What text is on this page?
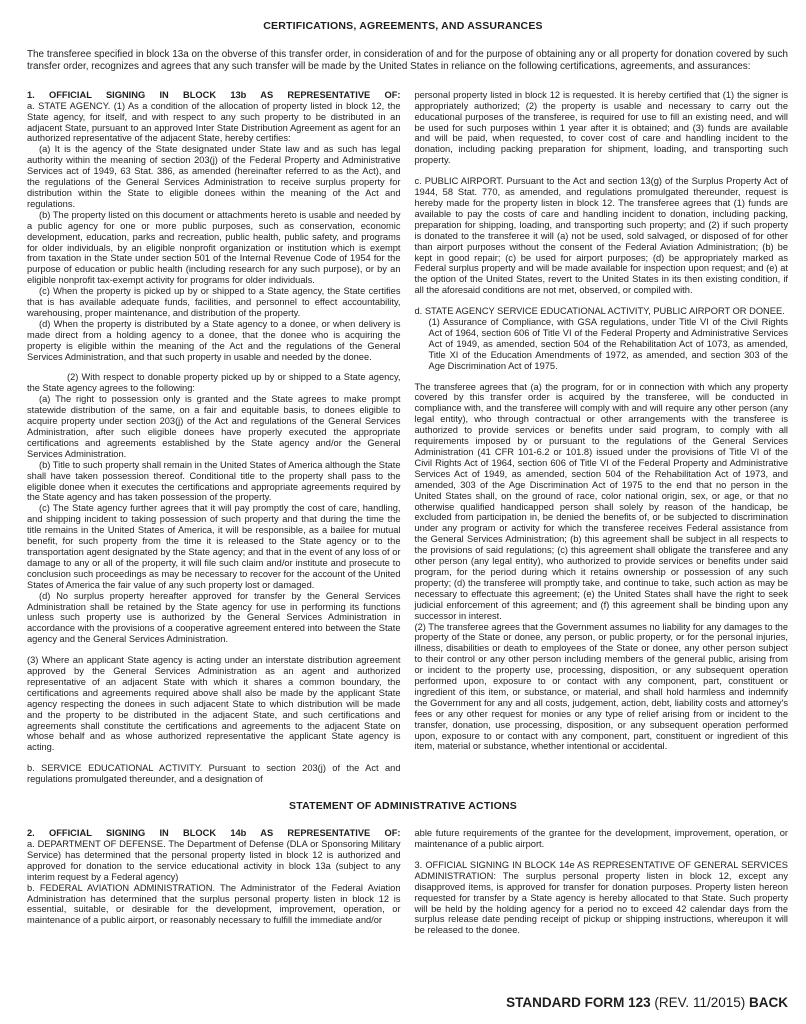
CERTIFICATIONS, AGREEMENTS, AND ASSURANCES
The transferee specified in block 13a on the obverse of this transfer order, in consideration of and for the purpose of obtaining any or all property for donation covered by such transfer order, recognizes and agrees that any such transfer will be made by the United States in reliance on the following certifications, agreements, and assurances:

1. OFFICIAL SIGNING IN BLOCK 13b AS REPRESENTATIVE OF:

a. STATE AGENCY. (1) As a condition of the allocation of property listed in block 12, the State agency, for itself, and with respect to any such property to be distributed in an adjacent State, pursuant to an approved Inter State Distribution Agreement as agent for an authorized representative of the adjacent State, hereby certifies:

(a) It is the agency of the State designated under State law and as such has legal authority within the meaning of section 203(j) of the Federal Property and Administrative Services act of 1949, 63 Stat. 386, as amended (hereinafter referred to as the Act), and the regulations of the General Services Administration to receive surplus property for distribution within the State to eligible donees within the meaning of the Act and regulations.

(b) The property listed on this document or attachments hereto is usable and needed by a public agency for one or more public purposes, such as conservation, economic development, education, parks and recreation, public health, public safety, and programs for older individuals, by an eligible nonprofit organization or institution which is exempt from taxation in the State under section 501 of the Internal Revenue Code of 1954 for the purpose of education or public health (including research for any such purpose), or by an eligible nonprofit tax-exempt activity for programs for older individuals.

(c) When the property is picked up by or shipped to a State agency, the State certifies that is has available adequate funds, facilities, and personnel to effect accountability, warehousing, proper maintenance, and distribution of the property.

(d) When the property is distributed by a State agency to a donee, or when delivery is made direct from a holding agency to a donee, that the donee who is acquiring the property is eligible within the meaning of the Act and the regulations of the General Services Administration, and that such property in usable and needed by the donee.

(2) With respect to donable property picked up by or shipped to a State agency, the State agency agrees to the following:

(a) The right to possession only is granted and the State agrees to make prompt statewide distribution of the same, on a fair and equitable basis, to donees eligible to acquire property under section 203(j) of the Act and regulations of the General Services Administration, after such eligible donees have properly executed the appropriate certifications and agreements established by the State agency and/or the General Services Administration.

(b) Title to such property shall remain in the United States of America although the State shall have taken possession thereof. Conditional title to the property shall pass to the eligible donee when it executes the certifications and appropriate agreements required by the State agency and has taken possession of the property.

(c) The State agency further agrees that it will pay promptly the cost of care, handling, and shipping incident to taking possession of such property and that during the time the title remains in the United States of America, it will be responsible, as a bailee for mutual benefit, for such property from the time it is released to the State agency or to the transportation agent designated by the State agency; and that in the event of any loss of or damage to any or all of the property, it will file such claim and/or institute and prosecute to conclusion such proceedings as may be necessary to recover for the account of the United States of America the fair value of any such property lost or damaged.

(d) No surplus property hereafter approved for transfer by the General Services Administration shall be retained by the State agency for use in performing its functions unless such property use is authorized by the General Services Administration in accordance with the provisions of a cooperative agreement entered into between the State agency and the General Services Administration.

(3) Where an applicant State agency is acting under an interstate distribution agreement approved by the General Services Administration as an agent and authorized representative of an adjacent State with which it shares a common boundary, the certifications and agreements required above shall also be made by the applicant State agency respecting the donees in such adjacent State to which distribution will be made and the property to be distributed in the adjacent State, and such certifications and agreements shall constitute the certifications and agreements to the adjacent State on whose behalf and as whose authorized representative the applicant State agency is acting.

b. SERVICE EDUCATIONAL ACTIVITY. Pursuant to section 203(j) of the Act and regulations promulgated thereunder, and a designation of

personal property listed in block 12 is requested. It is hereby certified that (1) the signer is appropriately authorized; (2) the property is usable and necessary to carry out the educational purposes of the transferee, is required for use to fill an existing need, and will be used for such purposes within 1 year after it is obtained; and (3) funds are available and will be paid, when requested, to cover cost of care and handling incident to the donation, including packing preparation for shipment, loading, and transporting such property.

c. PUBLIC AIRPORT. Pursuant to the Act and section 13(g) of the Surplus Property Act of 1944, 58 Stat. 770, as amended, and regulations promulgated thereunder, request is hereby made for the property listen in block 12. The transferee agrees that (1) funds are available to pay the costs of care and handling incident to donation, including packing, preparation for shipping, loading, and transporting such property; and (2) if such property is donated to the transferee it will (a) not be used, sold salvaged, or disposed of for other than airport purposes without the consent of the Federal Aviation Administration; (b) be kept in good repair; (c) be used for airport purposes; (d) be appropriately marked as Federal surplus property and will be made available for inspection upon request; and (e) at the option of the United States, revert to the United States in its then existing condition, if all the aforesaid conditions are not met, observed, or compiled with.

d. STATE AGENCY SERVICE EDUCATIONAL ACTIVITY, PUBLIC AIRPORT OR DONEE.

(1) Assurance of Compliance, with GSA regulations, under Title VI of the Civil Rights Act of 1964, section 606 of Title VI of the Federal Property and Administrative Services Act of 1949, as amended, section 504 of the Rehabilitation Act of 1073, as amended, Title XI of the Education Amendments of 1972, as amended, and section 303 of the Age Discrimination Act of 1975.

The transferee agrees that (a) the program, for or in connection with which any property covered by this transfer order is acquired by the transferee, will be conducted in compliance with, and the transferee will comply with and will require any other person (any legal entity), who through contractual or other arrangements with the transferee is authorized to provide services or benefits under said program, to comply with all requirements imposed by or pursuant to the regulations of the General Services Administration (41 CFR 101-6.2 or 101.8) issued under the provisions of Title VI of the Civil Rights Act of 1964, section 606 of Title VI of the Federal Property and Administrative Services Act of 1949, as amended, section 504 of the Rehabilitation Act of 1973, and amended, 303 of the Age Discrimination Act of 1975 to the end that no person in the United States shall, on the ground of race, color national origin, sex, or age, or that no otherwise qualified handicapped person shall solely by reason of the handicap, be excluded from participation in, be denied the benefits of, or be subjected to discrimination under any program or activity for which the transferee receives Federal assistance from the General Services Administration; (b) this agreement shall be subject in all respects to the provisions of said regulations; (c) this agreement shall obligate the transferee and any other person (any legal entity), who authorized to provide services or benefits under said program, for the period during which it retains ownership or possession of any such property; (d) the transferee will promptly take, and continue to take, such action as may be necessary to effectuate this agreement; (e) the United States shall have the right to seek judicial enforcement of this agreement; and (f) this agreement shall be binding upon any successor in interest.

(2) The transferee agrees that the Government assumes no liability for any damages to the property of the State or donee, any person, or public property, or for the personal injuries, illness, disabilities or death to employees of the State or donee, any other person subject to their control or any other person including members of the general public, arising from or incident to the property use, processing, disposition, or any subsequent operation performed upon, exposure to or contact with any component, part, constituent or ingredient of this item, or substance, or material, and shall hold harmless and indemnify the Government for any and all costs, judgement, action, debt, liability costs and attorney's fees or any other request for monies or any type of relief arising from or incident to the transfer, donation, use processing, disposition, or any subsequent operation performed upon, exposure to or contact with any component, part, constituent or ingredient of this item, material or substance, whether intentional or accidental.

STATEMENT OF ADMINISTRATIVE ACTIONS

2. OFFICIAL SIGNING IN BLOCK 14b AS REPRESENTATIVE OF:

a. DEPARTMENT OF DEFENSE. The Department of Defense (DLA or Sponsoring Military Service) has determined that the personal property listed in block 12 is authorized and approved for donation to the service educational activity in block 13a (subject to any interim request by a Federal agency)

b. FEDERAL AVIATION ADMINISTRATION. The Administrator of the Federal Aviation Administration has determined that the surplus personal property listen in block 12 is essential, suitable, or desirable for the development, improvement, operation, or maintenance of a public airport, or reasonably necessary to fulfill the immediate and/or

able future requirements of the grantee for the development, improvement, operation, or maintenance of a public airport.

3. OFFICIAL SIGNING IN BLOCK 14e AS REPRESENTATIVE OF GENERAL SERVICES ADMINISTRATION: The surplus personal property listen in block 12, except any disapproved items, is approved for transfer for donation purposes. Property listen hereon requested for transfer by a State agency is hereby allocated to that State. Such property will be held by the holding agency for a period no to exceed 42 calendar days from the surplus release date pending receipt of pickup or shipping instructions, whereupon it will be released to the donee.

STANDARD FORM 123 (REV. 11/2015) BACK
